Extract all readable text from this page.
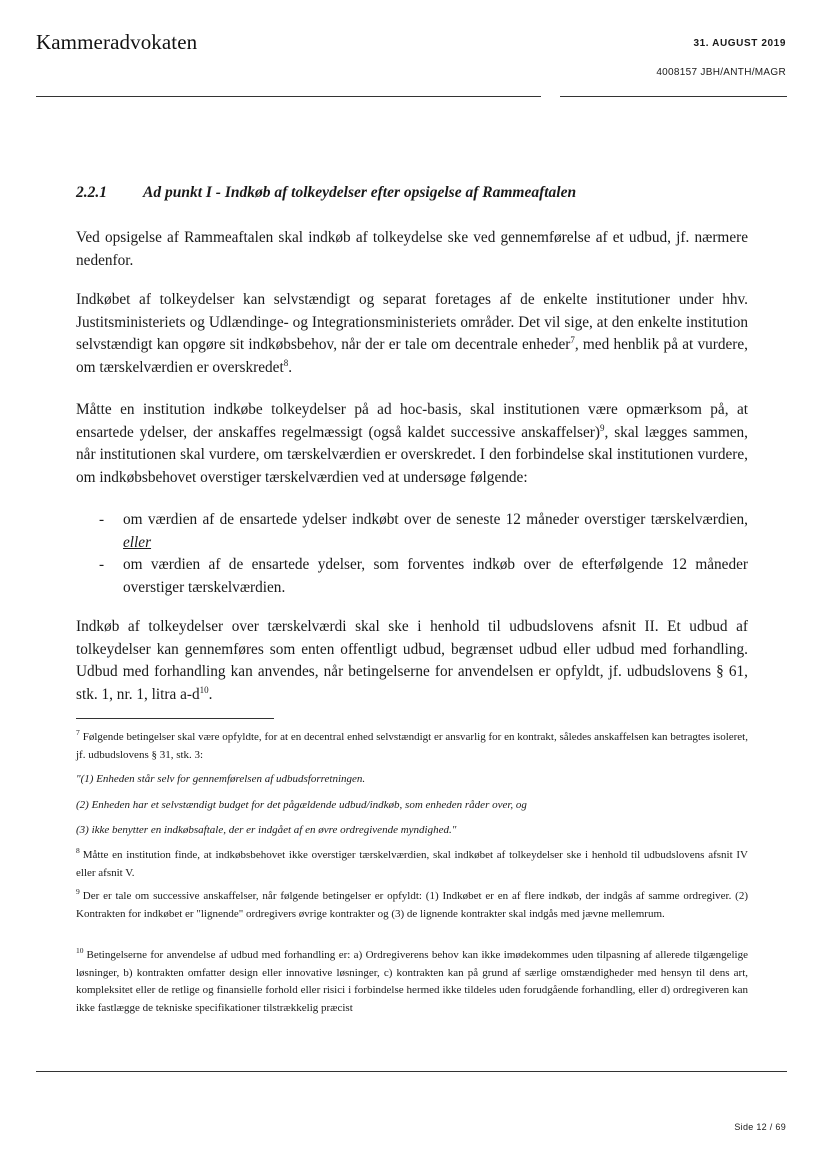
Kammeradvokaten	31. AUGUST 2019
4008157 JBH/ANTH/MAGR
2.2.1 Ad punkt I - Indkøb af tolkeydelser efter opsigelse af Rammeaftalen
Ved opsigelse af Rammeaftalen skal indkøb af tolkeydelse ske ved gennemførelse af et udbud, jf. nærmere nedenfor.
Indkøbet af tolkeydelser kan selvstændigt og separat foretages af de enkelte institutioner under hhv. Justitsministeriets og Udlændinge- og Integrationsministeriets områder. Det vil sige, at den enkelte institution selvstændigt kan opgøre sit indkøbsbehov, når der er tale om decentrale enheder$^7$, med henblik på at vurdere, om tærskelværdien er overskredet$^8$.
Måtte en institution indkøbe tolkeydelser på ad hoc-basis, skal institutionen være opmærksom på, at ensartede ydelser, der anskaffes regelmæssigt (også kaldet successive anskaffelser)$^9$, skal lægges sammen, når institutionen skal vurdere, om tærskelværdien er overskredet. I den forbindelse skal institutionen vurdere, om indkøbsbehovet overstiger tærskelværdien ved at undersøge følgende:
- om værdien af de ensartede ydelser indkøbt over de seneste 12 måneder overstiger tærskelværdien, eller
- om værdien af de ensartede ydelser, som forventes indkøb over de efterfølgende 12 måneder overstiger tærskelværdien.
Indkøb af tolkeydelser over tærskelværdi skal ske i henhold til udbudslovens afsnit II. Et udbud af tolkeydelser kan gennemføres som enten offentligt udbud, begrænset udbud eller udbud med forhandling. Udbud med forhandling kan anvendes, når betingelserne for anvendelsen er opfyldt, jf. udbudslovens § 61, stk. 1, nr. 1, litra $a-d^{10}$.
$^7$ Følgende betingelser skal være opfyldte, for at en decentral enhed selvstændigt er ansvarlig for en kontrakt, således anskaffelsen kan betragtes isoleret, jf. udbudslovens § 31, stk. 3:
"(1) Enheden står selv for gennemførelsen af udbudsforretningen.
(2) Enheden har et selvstændigt budget for det pågældende udbud/indkøb, som enheden råder over, og
(3) ikke benytter en indkøbsaftale, der er indgået af en øvre ordregivende myndighed."
$^8$ Måtte en institution finde, at indkøbsbehovet ikke overstiger tærskelværdien, skal indkøbet af tolkeydelser ske i henhold til udbudslovens afsnit IV eller afsnit V.
$^9$ Der er tale om successive anskaffelser, når følgende betingelser er opfyldt: (1) Indkøbet er en af flere indkøb, der indgås af samme ordregiver. (2) Kontrakten for indkøbet er "lignende" ordregivers øvrige kontrakter og (3) de lignende kontrakter skal indgås med jævne mellemrum.
$^{10}$ Betingelserne for anvendelse af udbud med forhandling er: a) Ordregiverens behov kan ikke imødekommes uden tilpasning af allerede tilgængelige løsninger, b) kontrakten omfatter design eller innovative løsninger, c) kontrakten kan på grund af særlige omstændigheder med hensyn til dens art, kompleksitet eller de retlige og finansielle forhold eller risici i forbindelse hermed ikke tildeles uden forudgående forhandling, eller d) ordregiveren kan ikke fastlægge de tekniske specifikationer tilstrækkelig præcist
Side 12 / 69
